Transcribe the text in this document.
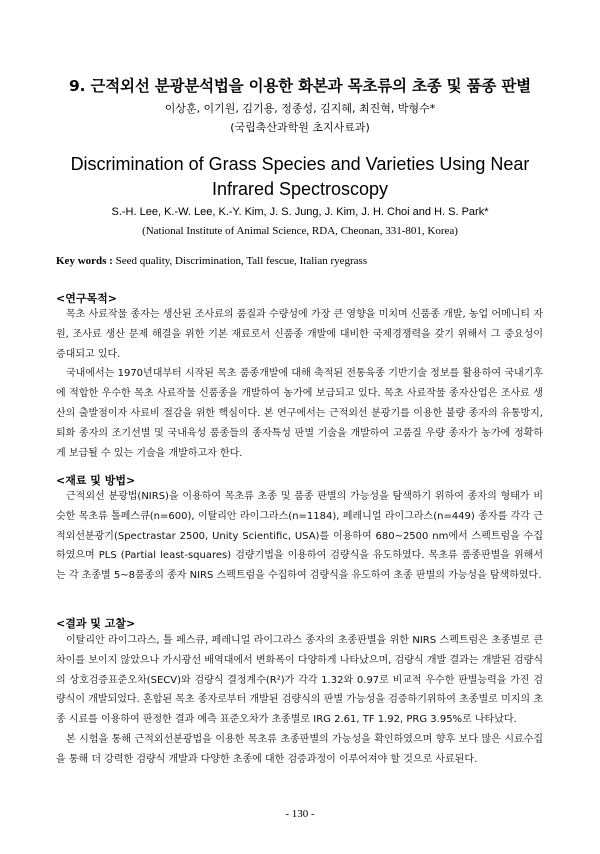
9. 근적외선 분광분석법을 이용한 화본과 목초류의 초종 및 품종 판별
이상훈, 이기원, 김기용, 정종성, 김지혜, 최진혁, 박형수*
(국립축산과학원 초지사료과)
Discrimination of Grass Species and Varieties Using Near Infrared Spectroscopy
S.-H. Lee, K.-W. Lee, K.-Y. Kim, J. S. Jung, J. Kim, J. H. Choi and H. S. Park*
(National Institute of Animal Science, RDA, Cheonan, 331-801, Korea)
Key words : Seed quality, Discrimination, Tall fescue, Italian ryegrass
<연구목적>

목초 사료작물 종자는 생산된 조사료의 품질과 수량성에 가장 큰 영향을 미치며 신품종 개발, 농업 어메니티 자원, 조사료 생산 문제 해결을 위한 기본 재료로서 신품종 개발에 대비한 국제경쟁력을 갖기 위해서 그 중요성이 증대되고 있다.

국내에서는 1970년대부터 시작된 목초 품종개발에 대해 축적된 전통육종 기반기술 정보를 활용하여 국내기후에 적합한 우수한 목초 사료작물 신품종을 개발하여 농가에 보급되고 있다. 목초 사료작물 종자산업은 조사료 생산의 출발점이자 사료비 절감을 위한 핵심이다. 본 연구에서는 근적외선 분광기를 이용한 불량 종자의 유통방지, 퇴화 종자의 조기선별 및 국내육성 품종들의 종자특성 판별 기술을 개발하여 고품질 우량 종자가 농가에 정확하게 보급될 수 있는 기술을 개발하고자 한다.

<재료 및 방법>

근적외선 분광법(NIRS)을 이용하여 목초류 초종 및 품종 판별의 가능성을 탐색하기 위하여 종자의 형태가 비슷한 목초류 톨페스큐(n=600), 이탈리안 라이그라스(n=1184), 페레니얼 라이그라스(n=449) 종자를 각각 근적외선분광기(Spectrastar 2500, Unity Scientific, USA)를 이용하여 680~2500 nm에서 스펙트럼을 수집하였으며 PLS (Partial least-squares) 검량기법을 이용하여 검량식을 유도하였다. 목초류 품종판별을 위해서는 각 초종별 5~8품종의 종자 NIRS 스펙트럼을 수집하여 검량식을 유도하여 초종 판별의 가능성을 탐색하였다.

<결과 및 고찰>

이탈리안 라이그라스, 톨 페스큐, 페레니얼 라이그라스 종자의 초종판별을 위한 NIRS 스펙트럼은 초종별로 큰 차이를 보이지 않았으나 가시광선 배역대에서 변화폭이 다양하게 나타났으며, 검량식 개발 결과는 개발된 검량식의 상호검증표준오차(SECV)와 검량식 결정계수(R²)가 각각 1.32와 0.97로 비교적 우수한 판별능력을 가진 검량식이 개발되었다. 혼합된 목초 종자로부터 개발된 검량식의 판별 가능성을 검증하기위하여 초종별로 미지의 초종 시료를 이용하여 판정한 결과 예측 표준오차가 초종별로 IRG 2.61, TF 1.92, PRG 3.95%로 나타났다.

본 시험을 통해 근적외선분광법을 이용한 목초류 초종판별의 가능성을 확인하였으며 향후 보다 많은 시료수집을 통해 더 강력한 검량식 개발과 다양한 초종에 대한 검증과정이 이루어져야 할 것으로 사료된다.

- 130 -
